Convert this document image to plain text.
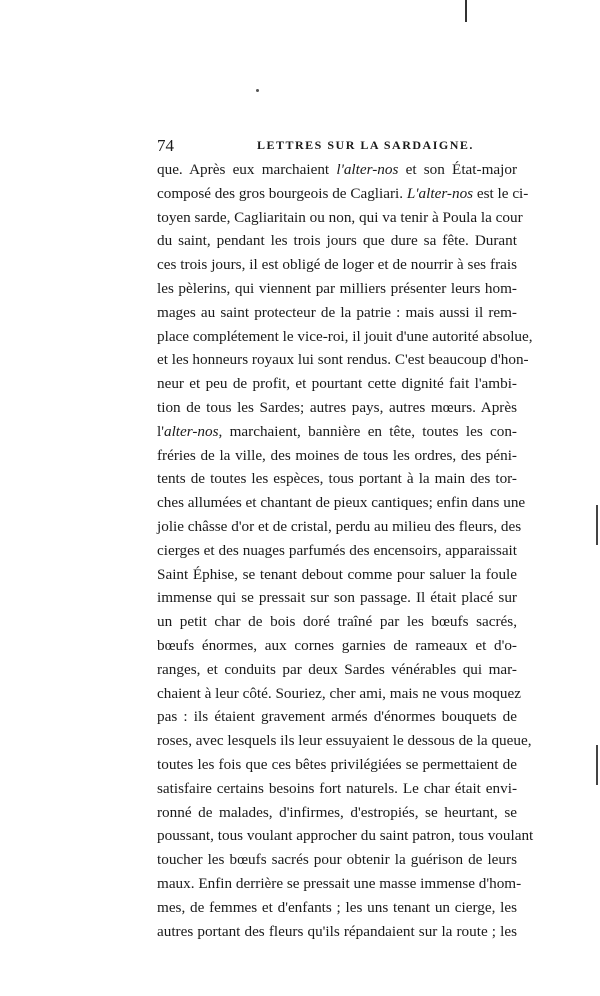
74	LETTRES SUR LA SARDAIGNE.
que. Après eux marchaient l'alter-nos et son État-major
composé des gros bourgeois de Cagliari. L'alter-nos est le ci-
toyen sarde, Cagliaritain ou non, qui va tenir à Poula la cour
du saint, pendant les trois jours que dure sa fête. Durant
ces trois jours, il est obligé de loger et de nourrir à ses frais
les pèlerins, qui viennent par milliers présenter leurs hom-
mages au saint protecteur de la patrie : mais aussi il rem-
place complétement le vice-roi, il jouit d'une autorité absolue,
et les honneurs royaux lui sont rendus. C'est beaucoup d'hon-
neur et peu de profit, et pourtant cette dignité fait l'ambi-
tion de tous les Sardes; autres pays, autres mœurs. Après
l'alter-nos, marchaient, bannière en tête, toutes les con-
fréries de la ville, des moines de tous les ordres, des péni-
tents de toutes les espèces, tous portant à la main des tor-
ches allumées et chantant de pieux cantiques; enfin dans une
jolie châsse d'or et de cristal, perdu au milieu des fleurs, des
cierges et des nuages parfumés des encensoirs, apparaissait
Saint Éphise, se tenant debout comme pour saluer la foule
immense qui se pressait sur son passage. Il était placé sur
un petit char de bois doré traîné par les bœufs sacrés,
bœufs énormes, aux cornes garnies de rameaux et d'o-
ranges, et conduits par deux Sardes vénérables qui mar-
chaient à leur côté. Souriez, cher ami, mais ne vous moquez
pas : ils étaient gravement armés d'énormes bouquets de
roses, avec lesquels ils leur essuyaient le dessous de la queue,
toutes les fois que ces bêtes privilégiées se permettaient de
satisfaire certains besoins fort naturels. Le char était envi-
ronné de malades, d'infirmes, d'estropiés, se heurtant, se
poussant, tous voulant approcher du saint patron, tous voulant
toucher les bœufs sacrés pour obtenir la guérison de leurs
maux. Enfin derrière se pressait une masse immense d'hom-
mes, de femmes et d'enfants ; les uns tenant un cierge, les
autres portant des fleurs qu'ils répandaient sur la route ; les
